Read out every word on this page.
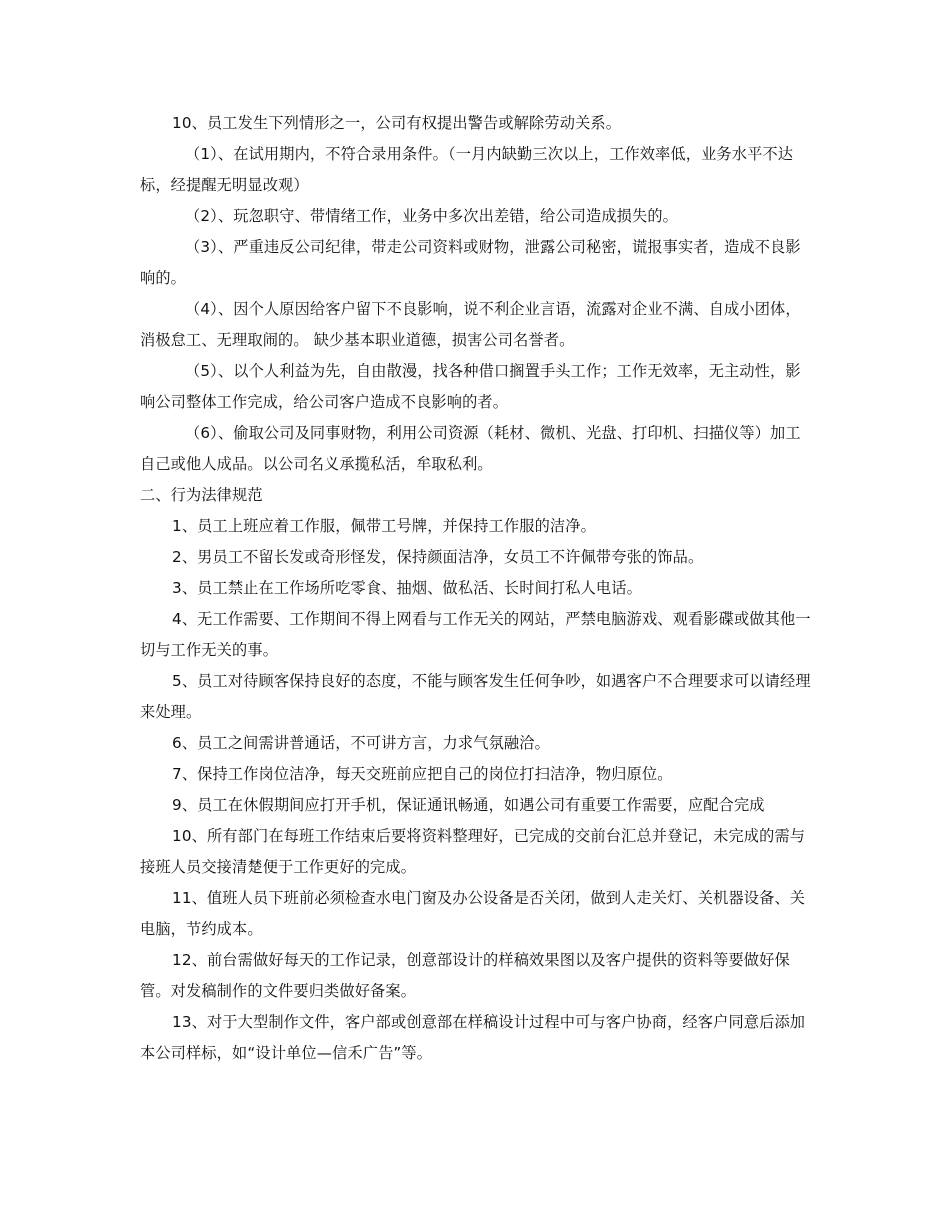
10、员工发生下列情形之一，公司有权提出警告或解除劳动关系。

（1）、在试用期内，不符合录用条件。（一月内缺勤三次以上，工作效率低，业务水平不达标，经提醒无明显改观）

（2）、玩忽职守、带情绪工作，业务中多次出差错，给公司造成损失的。

（3）、严重违反公司纪律，带走公司资料或财物，泄露公司秘密，谎报事实者，造成不良影响的。

（4）、因个人原因给客户留下不良影响，说不利企业言语，流露对企业不满、自成小团体，消极怠工、无理取闹的。 缺少基本职业道德，损害公司名誉者。

（5）、以个人利益为先，自由散漫，找各种借口搁置手头工作；工作无效率，无主动性，影响公司整体工作完成，给公司客户造成不良影响的者。

（6）、偷取公司及同事财物，利用公司资源（耗材、微机、光盘、打印机、扫描仪等）加工自己或他人成品。以公司名义承揽私活，牟取私利。

二、行为法律规范

1、员工上班应着工作服，佩带工号牌，并保持工作服的洁净。

2、男员工不留长发或奇形怪发，保持颜面洁净，女员工不许佩带夸张的饰品。

3、员工禁止在工作场所吃零食、抽烟、做私活、长时间打私人电话。

4、无工作需要、工作期间不得上网看与工作无关的网站，严禁电脑游戏、观看影碟或做其他一切与工作无关的事。

5、员工对待顾客保持良好的态度，不能与顾客发生任何争吵，如遇客户不合理要求可以请经理来处理。

6、员工之间需讲普通话，不可讲方言，力求气氛融洽。

7、保持工作岗位洁净，每天交班前应把自己的岗位打扫洁净，物归原位。

9、员工在休假期间应打开手机，保证通讯畅通，如遇公司有重要工作需要，应配合完成

10、所有部门在每班工作结束后要将资料整理好，已完成的交前台汇总并登记，未完成的需与接班人员交接清楚便于工作更好的完成。

11、值班人员下班前必须检查水电门窗及办公设备是否关闭，做到人走关灯、关机器设备、关电脑，节约成本。

12、前台需做好每天的工作记录，创意部设计的样稿效果图以及客户提供的资料等要做好保管。对发稿制作的文件要归类做好备案。

13、对于大型制作文件，客户部或创意部在样稿设计过程中可与客户协商，经客户同意后添加本公司样标，如“设计单位—信禾广告”等。
